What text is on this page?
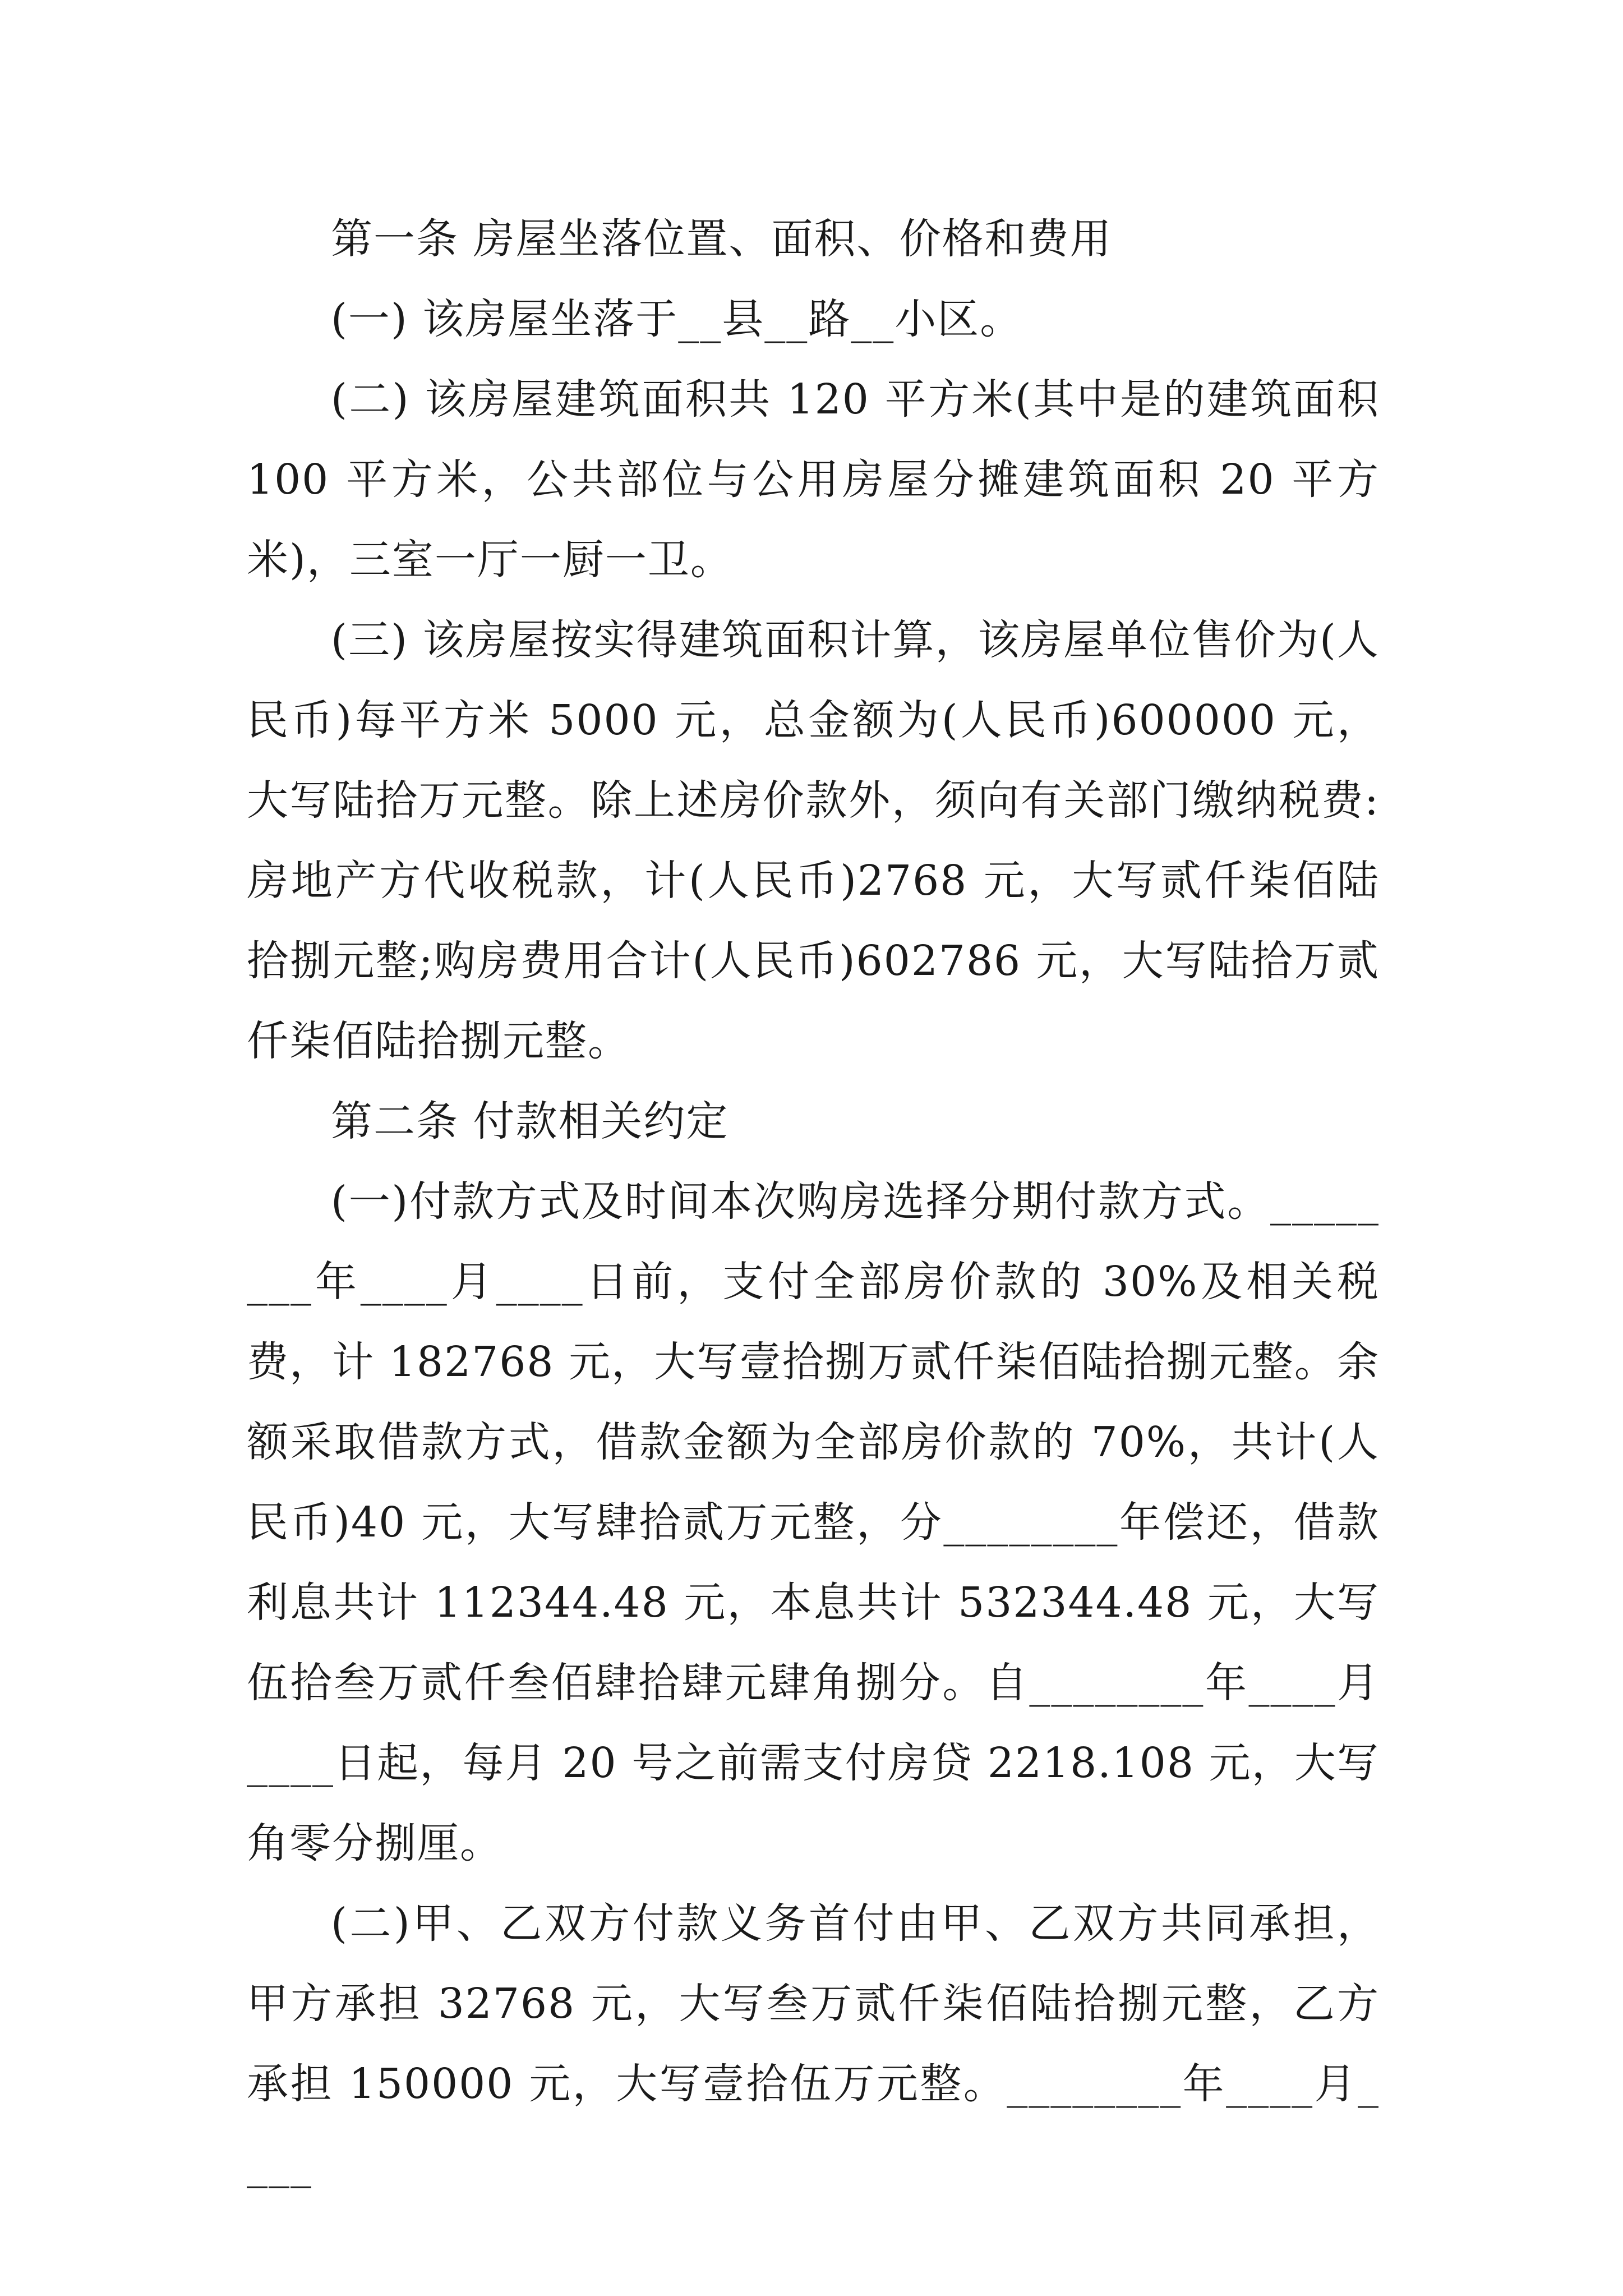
第一条 房屋坐落位置、面积、价格和费用

(一) 该房屋坐落于__县__路__小区。

(二) 该房屋建筑面积共 120 平方米(其中是的建筑面积 100 平方米，公共部位与公用房屋分摊建筑面积 20 平方米)，三室一厅一厨一卫。

(三) 该房屋按实得建筑面积计算，该房屋单位售价为(人民币)每平方米 5000 元，总金额为(人民币)600000 元，大写陆拾万元整。除上述房价款外，须向有关部门缴纳税费:房地产方代收税款，计(人民币)2768 元，大写贰仟柒佰陆拾捌元整;购房费用合计(人民币)602786 元，大写陆拾万贰仟柒佰陆拾捌元整。

第二条 付款相关约定

(一)付款方式及时间本次购房选择分期付款方式。________年____月____日前，支付全部房价款的 30%及相关税费，计 182768 元，大写壹拾捌万贰仟柒佰陆拾捌元整。余额采取借款方式，借款金额为全部房价款的 70%，共计(人民币)40 元，大写肆拾贰万元整，分________年偿还，借款利息共计 112344.48 元，本息共计 532344.48 元，大写伍拾叁万贰仟叁佰肆拾肆元肆角捌分。自________年____月____日起，每月 20 号之前需支付房贷 2218.108 元，大写角零分捌厘。

(二)甲、乙双方付款义务首付由甲、乙双方共同承担，甲方承担 32768 元，大写叁万贰仟柒佰陆拾捌元整，乙方承担 150000 元，大写壹拾伍万元整。________年____月____
